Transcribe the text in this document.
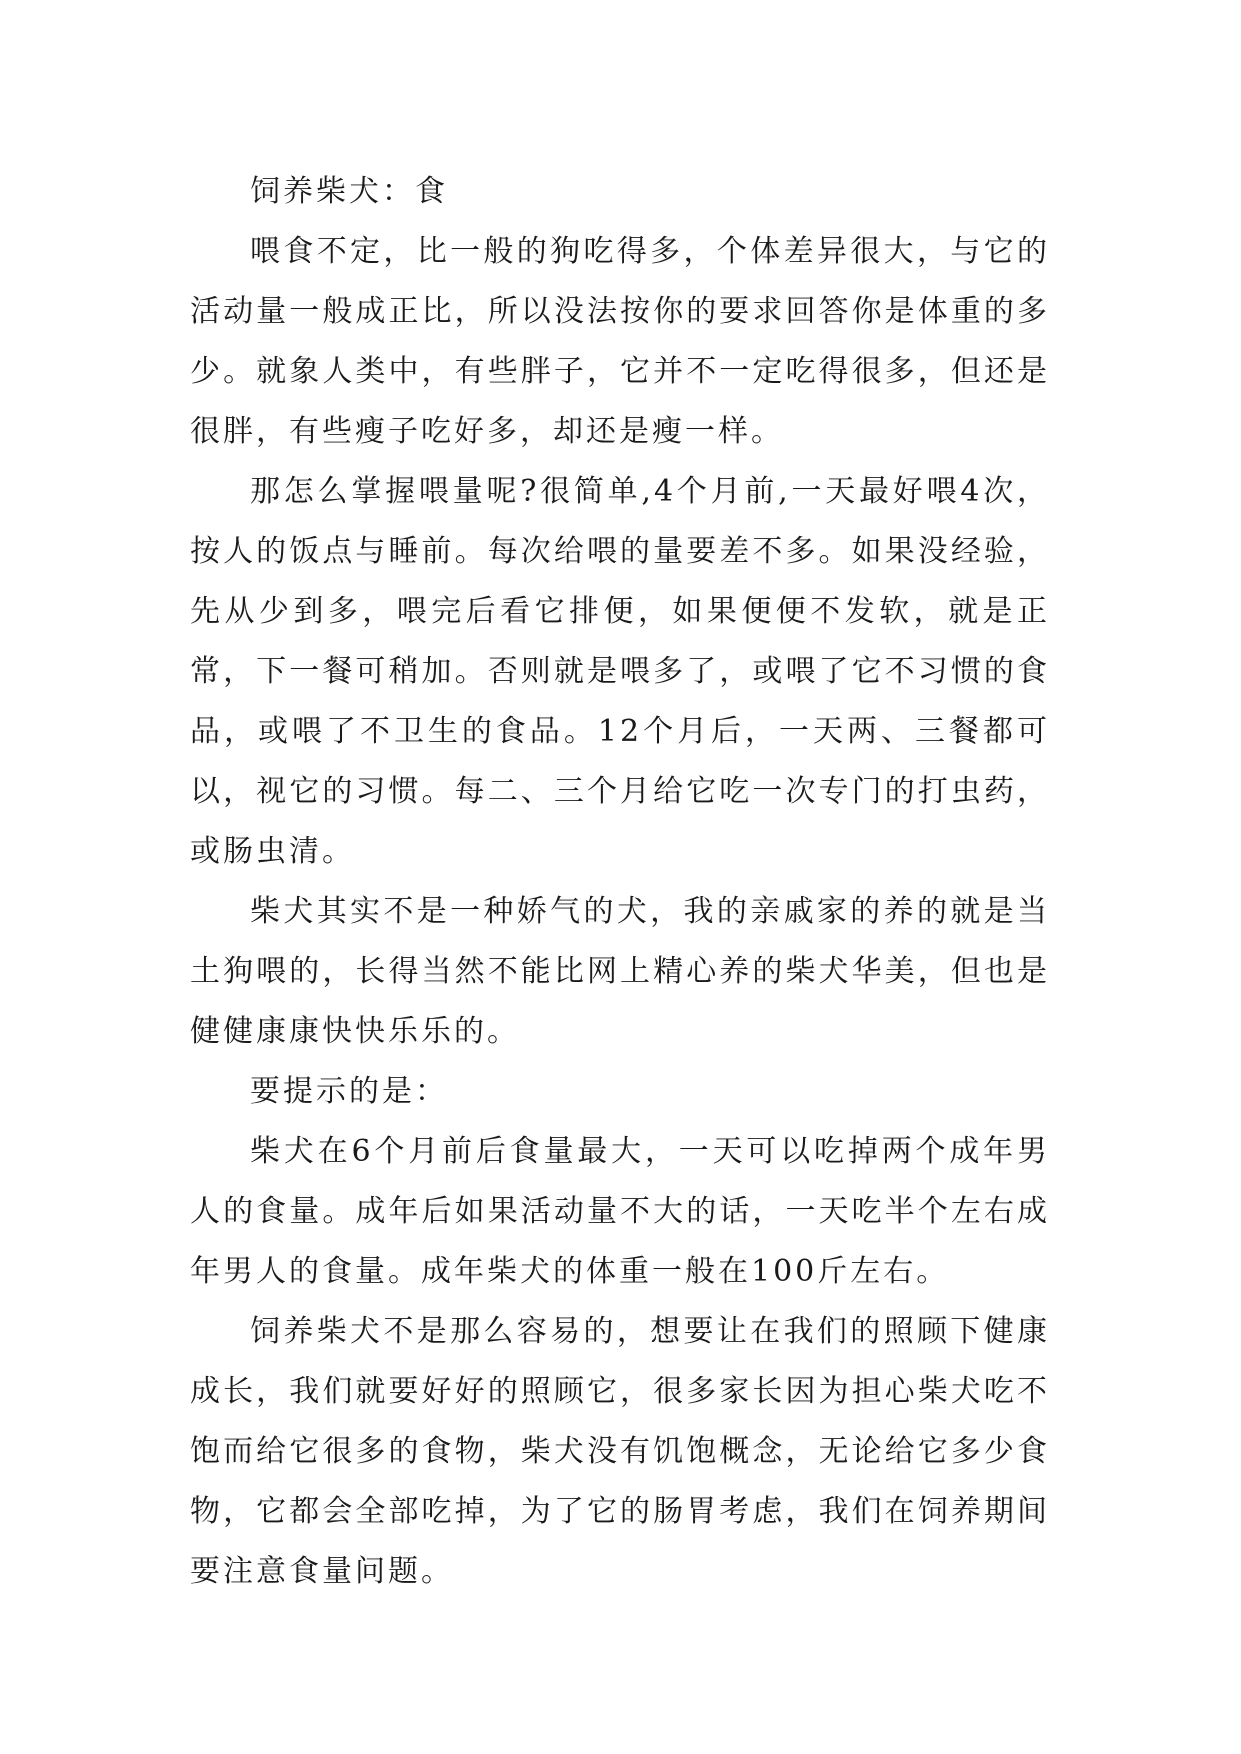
饲养柴犬：食

喂食不定，比一般的狗吃得多，个体差异很大，与它的活动量一般成正比，所以没法按你的要求回答你是体重的多少。就象人类中，有些胖子，它并不一定吃得很多，但还是很胖，有些瘦子吃好多，却还是瘦一样。

那怎么掌握喂量呢?很简单,4个月前,一天最好喂4次，按人的饭点与睡前。每次给喂的量要差不多。如果没经验，先从少到多，喂完后看它排便，如果便便不发软，就是正常，下一餐可稍加。否则就是喂多了，或喂了它不习惯的食品，或喂了不卫生的食品。12个月后，一天两、三餐都可以，视它的习惯。每二、三个月给它吃一次专门的打虫药，或肠虫清。

柴犬其实不是一种娇气的犬，我的亲戚家的养的就是当土狗喂的，长得当然不能比网上精心养的柴犬华美，但也是健健康康快快乐乐的。

要提示的是：

柴犬在6个月前后食量最大，一天可以吃掉两个成年男人的食量。成年后如果活动量不大的话，一天吃半个左右成年男人的食量。成年柴犬的体重一般在100斤左右。

饲养柴犬不是那么容易的，想要让在我们的照顾下健康成长，我们就要好好的照顾它，很多家长因为担心柴犬吃不饱而给它很多的食物，柴犬没有饥饱概念，无论给它多少食物，它都会全部吃掉，为了它的肠胃考虑，我们在饲养期间要注意食量问题。
